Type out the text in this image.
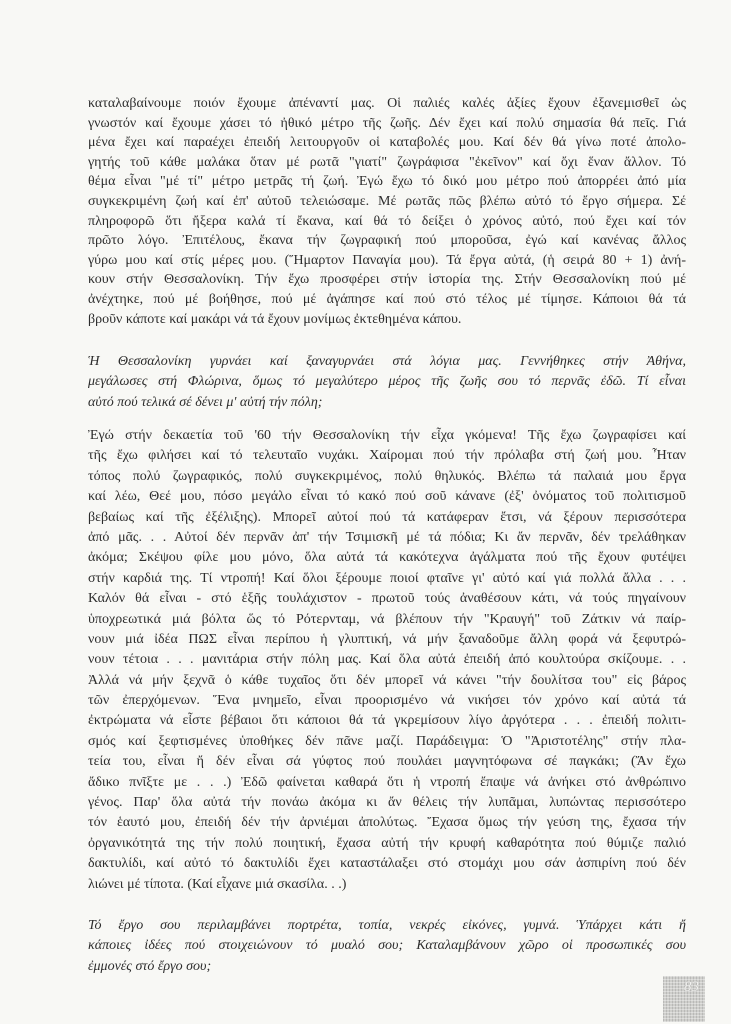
καταλαβαίνουμε ποιόν ἔχουμε ἀπέναντί μας. Οἱ παλιές καλές ἀξίες ἔχουν ἐξανεμισθεῖ ὡς
γνωστόν καί ἔχουμε χάσει τό ἠθικό μέτρο τῆς ζωῆς. Δέν ἔχει καί πολύ σημασία θά πεῖς. Γιά
μένα ἔχει καί παραέχει ἐπειδή λειτουργοῦν οἱ καταβολές μου. Καί δέν θά γίνω ποτέ ἀπολο-
γητής τοῦ κάθε μαλάκα ὅταν μέ ρωτᾶ "γιατί" ζωγράφισα "ἐκεῖνον" καί ὄχι ἕναν ἄλλον. Τό
θέμα εἶναι "μέ τί" μέτρο μετρᾶς τή ζωή. Ἐγώ ἔχω τό δικό μου μέτρο πού ἀπορρέει ἀπό μία
συγκεκριμένη ζωή καί ἐπ' αὐτοῦ τελειώσαμε. Μέ ρωτᾶς πῶς βλέπω αὐτό τό ἔργο σήμερα. Σέ
πληροφορῶ ὅτι ἤξερα καλά τί ἔκανα, καί θά τό δείξει ὁ χρόνος αὐτό, πού ἔχει καί τόν
πρῶτο λόγο. Ἐπιτέλους, ἔκανα τήν ζωγραφική πού μποροῦσα, ἐγώ καί κανένας ἄλλος
γύρω μου καί στίς μέρες μου. (Ἥμαρτον Παναγία μου). Τά ἔργα αὐτά, (ἡ σειρά 80 + 1) ἀνή-
κουν στήν Θεσσαλονίκη. Τήν ἔχω προσφέρει στήν ἱστορία της. Στήν Θεσσαλονίκη πού μέ
ἀνέχτηκε, πού μέ βοήθησε, πού μέ ἀγάπησε καί πού στό τέλος μέ τίμησε. Κάποιοι θά τά
βροῦν κάποτε καί μακάρι νά τά ἔχουν μονίμως ἐκτεθημένα κάπου.
Ἡ Θεσσαλονίκη γυρνάει καί ξαναγυρνάει στά λόγια μας. Γεννήθηκες στήν Ἀθήνα,
μεγάλωσες στή Φλώρινα, ὅμως τό μεγαλύτερο μέρος τῆς ζωῆς σου τό περνᾶς ἐδῶ. Τί εἶναι
αὐτό πού τελικά σέ δένει μ' αὐτή τήν πόλη;
Ἐγώ στήν δεκαετία τοῦ '60 τήν Θεσσαλονίκη τήν εἶχα γκόμενα! Τῆς ἔχω ζωγραφίσει καί
τῆς ἔχω φιλήσει καί τό τελευταῖο νυχάκι. Χαίρομαι πού τήν πρόλαβα στή ζωή μου. Ἦταν
τόπος πολύ ζωγραφικός, πολύ συγκεκριμένος, πολύ θηλυκός. Βλέπω τά παλαιά μου ἔργα
καί λέω, Θεέ μου, πόσο μεγάλο εἶναι τό κακό πού σοῦ κάνανε (ἐξ' ὀνόματος τοῦ πολιτισμοῦ
βεβαίως καί τῆς ἐξέλιξης). Μπορεῖ αὐτοί πού τά κατάφεραν ἔτσι, νά ξέρουν περισσότερα
ἀπό μᾶς. . . Αὐτοί δέν περνᾶν ἀπ' τήν Τσιμισκῆ μέ τά πόδια; Κι ἄν περνᾶν, δέν τρελάθηκαν
ἀκόμα; Σκέψου φίλε μου μόνο, ὅλα αὐτά τά κακότεχνα ἀγάλματα πού τῆς ἔχουν φυτέψει
στήν καρδιά της. Τί ντροπή! Καί ὅλοι ξέρουμε ποιοί φταῖνε γι' αὐτό καί γιά πολλά ἄλλα . . .
Καλόν θά εἶναι - στό ἑξῆς τουλάχιστον - πρωτοῦ τούς ἀναθέσουν κάτι, νά τούς πηγαίνουν
ὑποχρεωτικά μιά βόλτα ὥς τό Ρότερνταμ, νά βλέπουν τήν "Κραυγή" τοῦ Ζάτκιν νά παίρ-
νουν μιά ἰδέα ΠΩΣ εἶναι περίπου ἡ γλυπτική, νά μήν ξαναδοῦμε ἄλλη φορά νά ξεφυτρώ-
νουν τέτοια . . . μανιτάρια στήν πόλη μας. Καί ὅλα αὐτά ἐπειδή ἀπό κουλτούρα σκίζουμε. . .
Ἀλλά νά μήν ξεχνᾶ ὁ κάθε τυχαῖος ὅτι δέν μπορεῖ νά κάνει "τήν δουλίτσα του" εἰς βάρος
τῶν ἐπερχόμενων. Ἕνα μνημεῖο, εἶναι προορισμένο νά νικήσει τόν χρόνο καί αὐτά τά
ἐκτρώματα νά εἶστε βέβαιοι ὅτι κάποιοι θά τά γκρεμίσουν λίγο ἀργότερα . . . ἐπειδή πολιτι-
σμός καί ξεφτισμένες ὑποθήκες δέν πᾶνε μαζί. Παράδειγμα: Ὁ "Ἀριστοτέλης" στήν πλα-
τεία του, εἶναι ἤ δέν εἶναι σά γύφτος πού πουλάει μαγνητόφωνα σέ παγκάκι; (Ἄν ἔχω
ἄδικο πνῖξτε με . . .) Ἐδῶ φαίνεται καθαρά ὅτι ἡ ντροπή ἔπαψε νά ἀνήκει στό ἀνθρώπινο
γένος. Παρ' ὅλα αὐτά τήν πονάω ἀκόμα κι ἄν θέλεις τήν λυπᾶμαι, λυπώντας περισσότερο
τόν ἑαυτό μου, ἐπειδή δέν τήν ἀρνιέμαι ἀπολύτως. Ἔχασα ὅμως τήν γεύση της, ἔχασα τήν
ὀργανικότητά της τήν πολύ ποιητική, ἔχασα αὐτή τήν κρυφή καθαρότητα πού θύμιζε παλιό
δακτυλίδι, καί αὐτό τό δακτυλίδι ἔχει καταστάλαξει στό στομάχι μου σάν ἀσπιρίνη πού δέν
λιώνει μέ τίποτα. (Καί εἶχανε μιά σκασίλα. . .)
Τό ἔργο σου περιλαμβάνει πορτρέτα, τοπία, νεκρές εἰκόνες, γυμνά. Ὑπάρχει κάτι ἤ
κάποιες ἰδέες πού στοιχειώνουν τό μυαλό σου; Καταλαμβάνουν χῶρο οἱ προσωπικές σου
ἐμμονές στό ἔργο σου;
83
